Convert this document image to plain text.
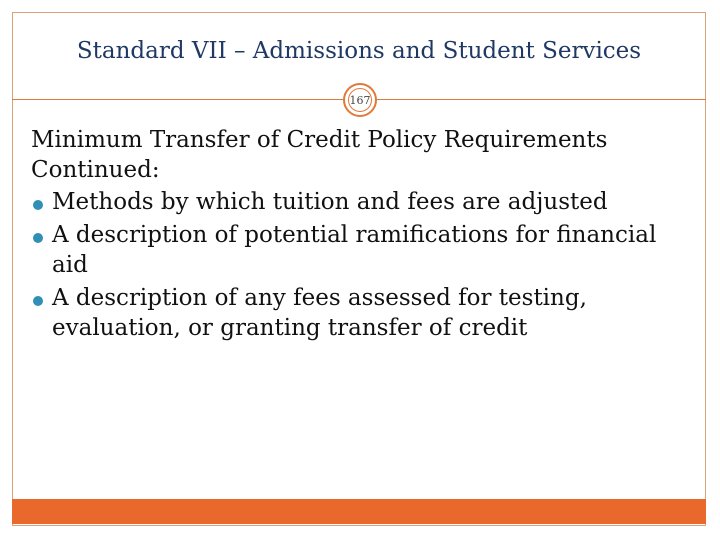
Standard VII – Admissions and Student Services
167

Minimum Transfer of Credit Policy Requirements Continued:

Methods by which tuition and fees are adjusted
A description of potential ramifications for financial aid
A description of any fees assessed for testing, evaluation, or granting transfer of credit
